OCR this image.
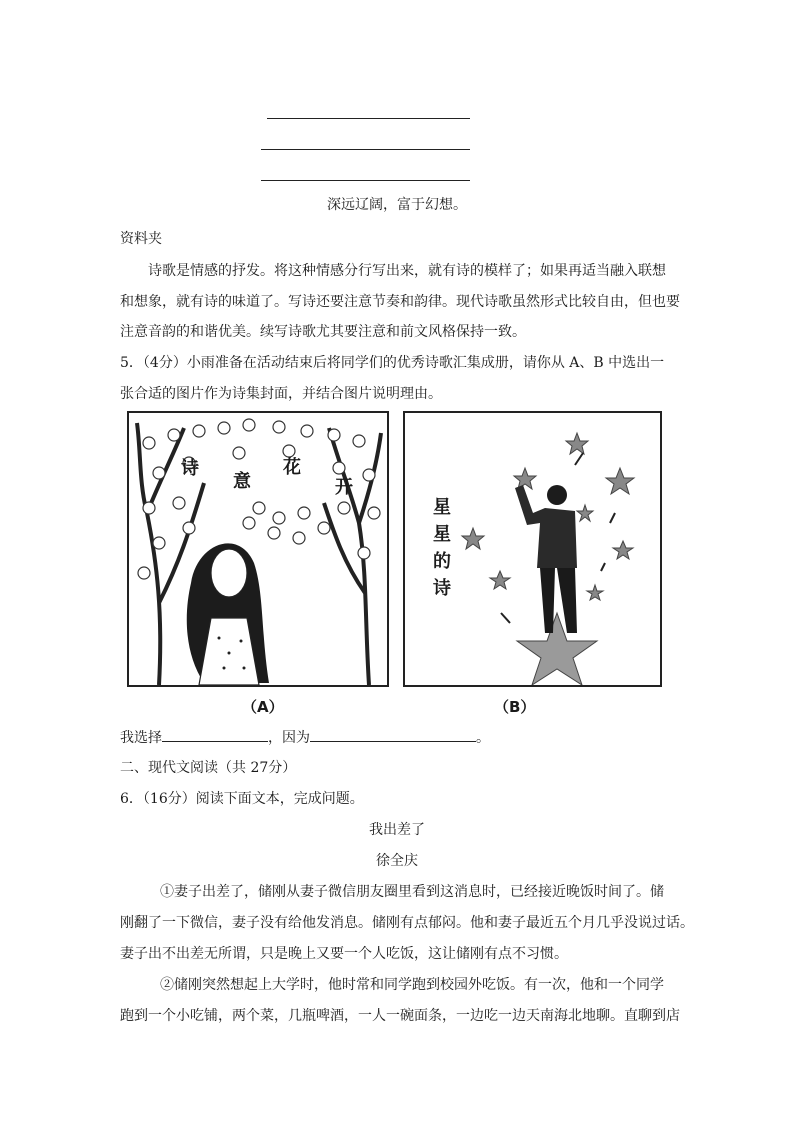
深远辽阔，富于幻想。
资料夹
诗歌是情感的抒发。将这种情感分行写出来，就有诗的模样了；如果再适当融入联想
和想象，就有诗的味道了。写诗还要注意节奏和韵律。现代诗歌虽然形式比较自由，但也要
注意音韵的和谐优美。续写诗歌尤其要注意和前文风格保持一致。
5．（4分）小雨准备在活动结束后将同学们的优秀诗歌汇集成册，请你从 A、B 中选出一
张合适的图片作为诗集封面，并结合图片说明理由。
诗
意
花
开
星
星
的
诗
（A）	（B）
我选择	，因为	。
二、现代文阅读（共 27分）
6．（16分）阅读下面文本，完成问题。
我出差了
徐全庆
①妻子出差了，储刚从妻子微信朋友圈里看到这消息时，已经接近晚饭时间了。储
刚翻了一下微信，妻子没有给他发消息。储刚有点郁闷。他和妻子最近五个月几乎没说过话。
妻子出不出差无所谓，只是晚上又要一个人吃饭，这让储刚有点不习惯。
②储刚突然想起上大学时，他时常和同学跑到校园外吃饭。有一次，他和一个同学
跑到一个小吃铺，两个菜，几瓶啤酒，一人一碗面条，一边吃一边天南海北地聊。直聊到店
